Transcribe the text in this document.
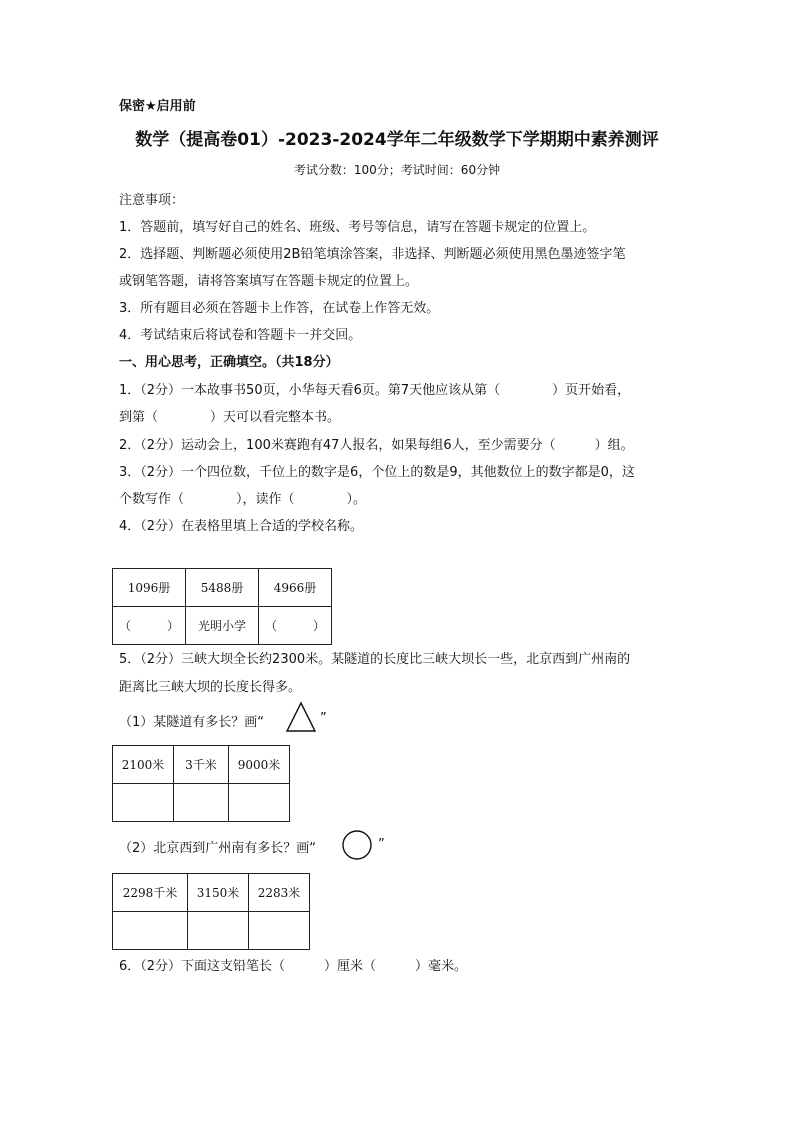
保密★启用前
数学（提高卷01）-2023-2024学年二年级数学下学期期中素养测评
考试分数：100分；考试时间：60分钟
注意事项：
1．答题前，填写好自己的姓名、班级、考号等信息，请写在答题卡规定的位置上。
2．选择题、判断题必须使用2B铅笔填涂答案，非选择、判断题必须使用黑色墨迹签字笔
或钢笔答题，请将答案填写在答题卡规定的位置上。
3．所有题目必须在答题卡上作答，在试卷上作答无效。
4．考试结束后将试卷和答题卡一并交回。
一、用心思考，正确填空。（共18分）
1．（2分）一本故事书50页，小华每天看6页。第7天他应该从第（　　　　）页开始看，
到第（　　　　）天可以看完整本书。
2．（2分）运动会上，100米赛跑有47人报名，如果每组6人，至少需要分（　　　）组。
3．（2分）一个四位数，千位上的数字是6，个位上的数是9，其他数位上的数字都是0，这
个数写作（　　　　），读作（　　　　）。
4．（2分）在表格里填上合适的学校名称。
1096册	5488册	4966册
（　　　）	光明小学	（　　　）
5．（2分）三峡大坝全长约2300米。某隧道的长度比三峡大坝长一些，北京西到广州南的
距离比三峡大坝的长度长得多。
（1）某隧道有多长？画“	”
2100米	3千米	9000米

（2）北京西到广州南有多长？画“	”
2298千米	3150米	2283米

6．（2分）下面这支铅笔长（　　　）厘米（　　　）毫米。
